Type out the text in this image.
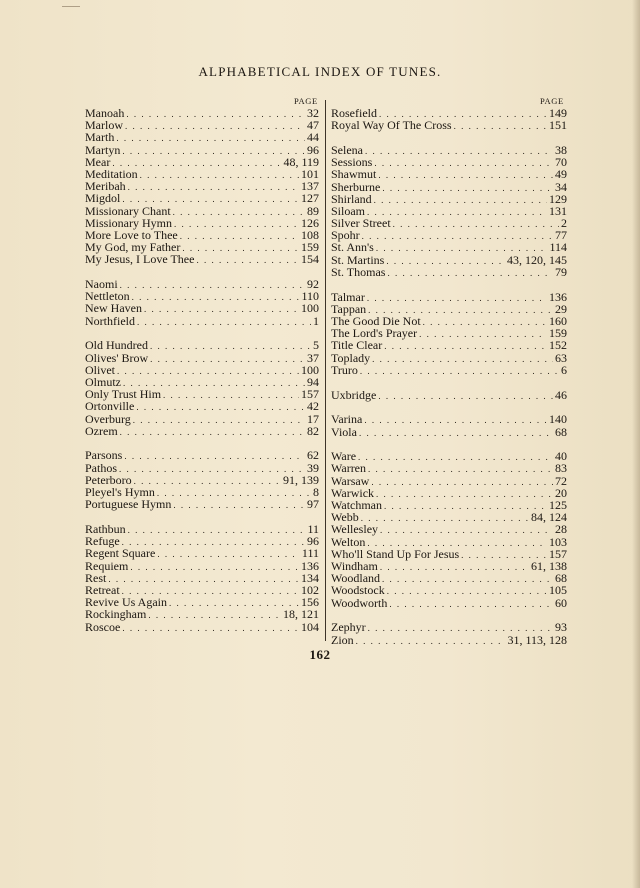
ALPHABETICAL INDEX OF TUNES.
PAGE	PAGE
Manoah . . .	32
Marlow . . .	47
Marth . . .	44
Martyn . . .	96
Mear . . .	48, 119
Meditation . . .	101
Meribah . . .	137
Migdol . . .	127
Missionary Chant . . .	89
Missionary Hymn . . .	126
More Love to Thee . . .	108
My God, my Father . . .	159
My Jesus, I Love Thee . . .	154
Naomi . . .	92
Nettleton . . .	110
New Haven . . .	100
Northfield . . .	1
Old Hundred . . .	5
Olives' Brow . . .	37
Olivet . . .	100
Olmutz . . .	94
Only Trust Him . . .	157
Ortonville . . .	42
Overburg . . .	17
Ozrem . . .	82
Parsons . . .	62
Pathos . . .	39
Peterboro . . .	91, 139
Pleyel's Hymn . . .	8
Portuguese Hymn . . .	97
Rathbun . . .	11
Refuge . . .	96
Regent Square . . .	111
Requiem . . .	136
Rest . . .	134
Retreat . . .	102
Revive Us Again . . .	156
Rockingham . . .	18, 121
Roscoe . . .	104
Rosefield . . .	149
Royal Way Of The Cross . . .	151
Selena . . .	38
Sessions . . .	70
Shawmut . . .	49
Sherburne . . .	34
Shirland . . .	129
Siloam . . .	131
Silver Street . . .	2
Spohr . . .	77
St. Ann's . . .	114
St. Martins . . .	43, 120, 145
St. Thomas . . .	79
Talmar . . .	136
Tappan . . .	29
The Good Die Not . . .	160
The Lord's Prayer . . .	159
Title Clear . . .	152
Toplady . . .	63
Truro . . .	6
Uxbridge . . .	46
Varina . . .	140
Viola . . .	68
Ware . . .	40
Warren . . .	83
Warsaw . . .	72
Warwick . . .	20
Watchman . . .	125
Webb . . .	84, 124
Wellesley . . .	28
Welton . . .	103
Who'll Stand Up For Jesus . . .	157
Windham . . .	61, 138
Woodland . . .	68
Woodstock . . .	105
Woodworth . . .	60
Zephyr . . .	93
Zion . . .	31, 113, 128
162
